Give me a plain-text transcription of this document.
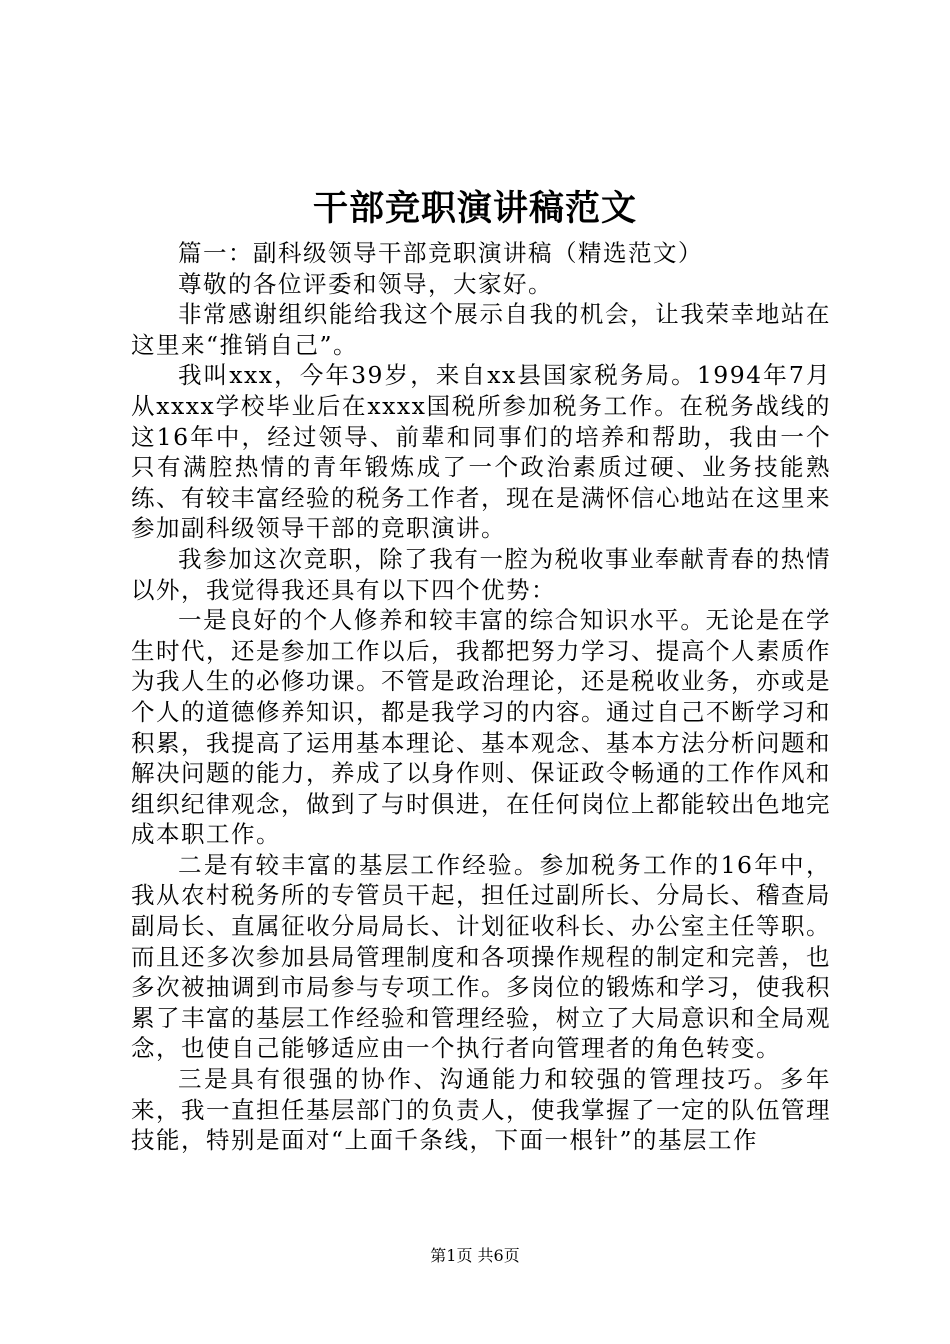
干部竞职演讲稿范文

篇一：副科级领导干部竞职演讲稿（精选范文）

尊敬的各位评委和领导，大家好。

非常感谢组织能给我这个展示自我的机会，让我荣幸地站在这里来“推销自己”。

我叫xxx，今年39岁，来自xx县国家税务局。1994年7月从xxxx学校毕业后在xxxx国税所参加税务工作。在税务战线的这16年中，经过领导、前辈和同事们的培养和帮助，我由一个只有满腔热情的青年锻炼成了一个政治素质过硬、业务技能熟练、有较丰富经验的税务工作者，现在是满怀信心地站在这里来参加副科级领导干部的竞职演讲。

我参加这次竞职，除了我有一腔为税收事业奉献青春的热情以外，我觉得我还具有以下四个优势：

一是良好的个人修养和较丰富的综合知识水平。无论是在学生时代，还是参加工作以后，我都把努力学习、提高个人素质作为我人生的必修功课。不管是政治理论，还是税收业务，亦或是个人的道德修养知识，都是我学习的内容。通过自己不断学习和积累，我提高了运用基本理论、基本观念、基本方法分析问题和解决问题的能力，养成了以身作则、保证政令畅通的工作作风和组织纪律观念，做到了与时俱进，在任何岗位上都能较出色地完成本职工作。

二是有较丰富的基层工作经验。参加税务工作的16年中，我从农村税务所的专管员干起，担任过副所长、分局长、稽查局副局长、直属征收分局局长、计划征收科长、办公室主任等职。而且还多次参加县局管理制度和各项操作规程的制定和完善，也多次被抽调到市局参与专项工作。多岗位的锻炼和学习，使我积累了丰富的基层工作经验和管理经验，树立了大局意识和全局观念，也使自己能够适应由一个执行者向管理者的角色转变。

三是具有很强的协作、沟通能力和较强的管理技巧。多年来，我一直担任基层部门的负责人，使我掌握了一定的队伍管理技能，特别是面对“上面千条线，下面一根针”的基层工作

第1页 共6页
